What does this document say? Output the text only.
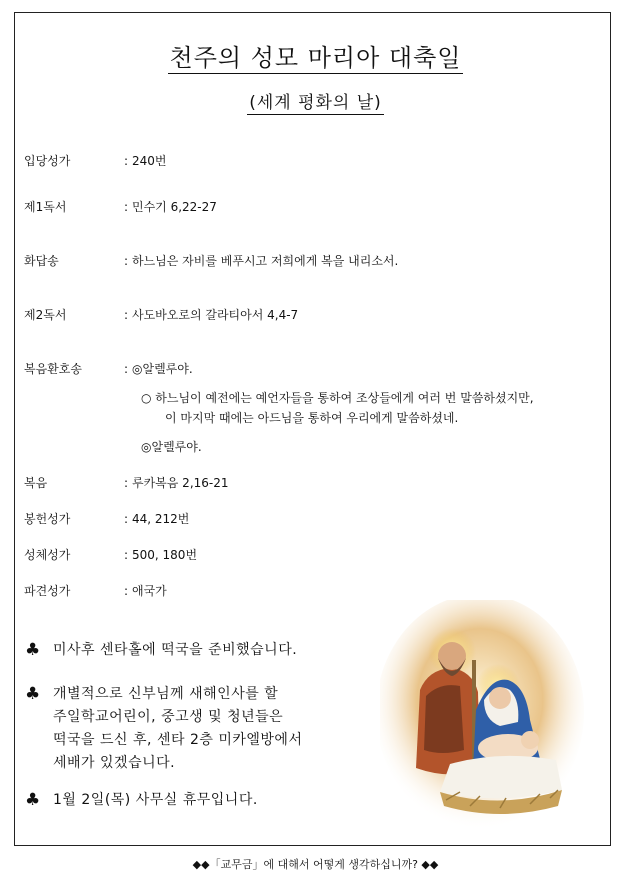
천주의 성모 마리아 대축일
(세계 평화의 날)
입당성가	: 240번
제1독서	: 민수기 6,22-27
화답송	: 하느님은 자비를 베푸시고 저희에게 복을 내리소서.
제2독서	: 사도바오로의 갈라티아서 4,4-7
복음환호송	: ◎알렐루야.
○ 하느님이 예전에는 예언자들을 통하여 조상들에게 여러 번 말씀하셨지만,
이 마지막 때에는 아드님을 통하여 우리에게 말씀하셨네.
◎알렐루야.
복음	: 루카복음 2,16-21
봉헌성가	: 44, 212번
성체성가	: 500, 180번
파견성가	: 애국가
♣ 미사후 센타홀에 떡국을 준비했습니다.
♣ 개별적으로 신부님께 새해인사를 할
주일학교어린이, 중고생 및 청년들은
떡국을 드신 후, 센타 2층 미카엘방에서
세배가 있겠습니다.
♣ 1월 2일(목) 사무실 휴무입니다.
◆◆「교무금」에 대해서 어떻게 생각하십니까? ◆◆
